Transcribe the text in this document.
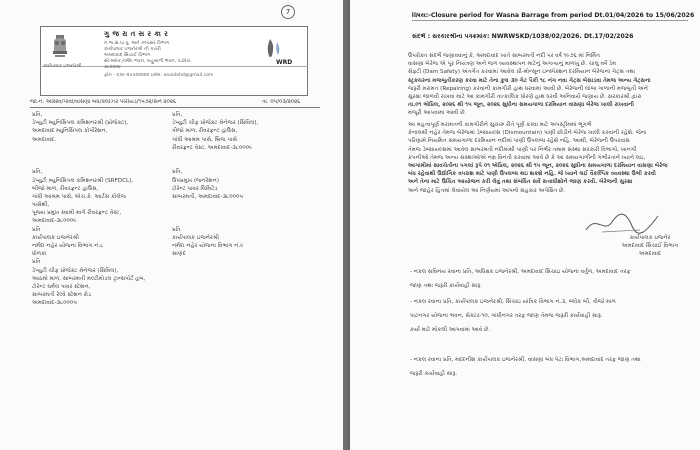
7
કાર્યપાલક ઇજનેરશ્રી
ગુ જ રા ત સ ર કા ર
ન.જ.સ.પા.પુ. અને કલ્પસર વિભાગ
કાર્યપાલક ઇજનેરશ્રી ની કચેરી
અમદાવાદ સિંચાઈ વિભાગ
સી-બ્લોક,નર્મદા ભવન, બહુમાળી ભવન, વડોદરા,
૩૮૦૦૦૪
ફોન - ૦૭૯-૨૫૫૦૦૦૦૦ ઇમેલ: eeaidahd@gmail.com
WRD
જા.નં. અસિવિ/પીવી/વાસણા બંધ/ક્લોઝર પીરીયડ/૧૫૭૨/સને ૨૦૨૬	તા. ૦૫/૦૩/૨૦૨૬
પ્રતિ,
ડેપ્યુટી મ્યુનિસિપલ કમિશનરશ્રી (પ્રોજેક્ટ),
અમદાવાદ મ્યુનિસિપલ કોર્પોરેશન,
અમદાવાદ.
પ્રતિ,
ડેપ્યુટી મ્યુનિસિપલ કમિશનરશ્રી (SRFDCL),
બીજો માળ, રીવરફ્રન્ટ હાઉસ,
ગાંધી આશ્રમ પાસે, એચ.કે. આર્ટસ કોલેજ
પાસેથી,
પૂજ્ય પ્રમુખ સ્વામી માર્ગ રીવરફ્રન્ટ વેસ્ટ,
અમદાવાદ-૩૮૦૦૦૯
પ્રતિ
કાર્યપાલક ઇજનેરશ્રી
નર્મદા નહેર યોજના વિભાગ નં.૮
ધોળકા
પ્રતિ
ડેપ્યુટી ચીફ પ્રોજેક્ટ મેનેજર (સિવિલ),
આઠમો માળ, સાબરમતી મલ્ટીમોડલ ટ્રાન્સપોર્ટ હબ,
ટોરેન્ટ ઘર્મલ પાવર સ્ટેશન,
સાબરમતી રેલ્વે સ્ટેશન રોડ
અમદાવાદ-૩૮૦૦૦૫
પ્રતિ,
ડેપ્યુટી ચીફ પ્રોજેક્ટ મેનેજર (સિવિલ),
ત્રીજો માળ, રીવરફ્રન્ટ હાઉસ,
ગાંધી આશ્રમ પાસે, બ્રિજ પાસે
રીવરફ્રન્ટ વેસ્ટ, અમદાવાદ-૩૮૦૦૦૯
પ્રતિ,
ઉપપ્રમુખ (જનરેશન)
ટોરેન્ટ પાવર લિમિટેડ
સાબરમતી, અમદાવાદ-૩૮૦૦૦૫
પ્રતિ
કાર્યપાલક ઇજનેરશ્રી
નર્મદા નહેર યોજના વિભાગ નં.૯
સાણંદ
વિષય:-Closure period for Wasna Barrage from period Dt.01/04/2026 to 15/06/2026
સંદર્ભ : સરકારશ્રીના પત્રક્રમાંક: NWRWSKD/1038/02/2026. Dt.17/02/2026
ઉપરોક્ત સંદર્ભે જણાવવાનું કે, અમદાવાદ ખાતે સાબરમતી નદી પર વર્ષ ૧૯૭૬ માં નિર્મિત
વાસણા બેરેજ એ પૂર નિયંત્રણ અને જળ વ્યવસ્થાપન માટેનું અગત્યનું માળખું છે. ચાલુ વર્ષે ડેમ
સેફ્ટી (Dam Safety) અંતર્ગત કરવામાં આવેલ પ્રી-મોન્સૂન ઇન્સ્પેક્શન દરમિયાન બેરેજના ગેટ્સ તથા
સ્ટ્રક્ચરના મજબુતીકરણ કરવા માટે તેના કુલ ૩૦ ગેટ પૈકી ૧૮ નંગ નવા ગેટ્સ બેસાડવા તેમજ અન્ય ગેટ્સના
જરૂરી મરામત (Repairing) કરવાની કામગીરી હાથ ધરવામાં આવી છે. બેરેજની લાંબા ગાળાની મજબુતી અને
સુરક્ષા જાળવી રાખવા માટે આ કામગીરી તાત્કાલિક ધોરણે હાથ ધરવી અનિવાર્ય જણાય છે. સરકારશ્રી દ્વારા
તા.૦૧ એપ્રિલ, ૨૦૨૬ થી ૧૫ જૂન, ૨૦૨૬ સુધીના સમયગાળા દરમિયાન વાસણા બેરેજ ખાલી રાખવાની
મંજૂરી આપવામાં આવી છે.
આ મહત્વપૂર્ણ મરામતની કામગીરીને સુચારુ રીતે પૂર્ણ કરવા માટે અપસ્ટ્રીમમાં ભૂગર્ભ
કેનાલથી નહેર તેમજ બેરેજમાં ડેબ્સાયલ્સ (Dismountain) પાણી છોડીને બેરેજ ખાલી કરવાની રહેશે. જેના
પરિણામે નિયમિત સમયગાળા દરમિયાન નદીમાં પાણી ઉપલબ્ધ રહેશે નહિ. આથી, બેરેજની ઉપરવાસ
તેમજ ડેબ્સાયલ્સમાં આવેલ સાબરમતી નદીમાંથી પાણી પર નિર્ભર તમામ સંસ્થા સરકારી વિભાગો, ખાનગી
કંપનીઓ તેમજ અન્ય સંસ્થાઓએ નમ્ર વિનંતી કરવામાં આવે છે કે આ સમયગાળીની ગંભીરતાને ધ્યાને લઇ,
આગામીમાં સાવચેતીના પગલાં રૂપે ૦૧ એપ્રિલ, ૨૦૨૬ થી ૧૫ જૂન, ૨૦૨૬ સુધીના સમયગાળા દરમિયાન વાસણા બેરેજ
બંધ રહેવાથી ઉદ્યોગિક વપરાશ માટે પાણી ઉપલબ્ધ થઇ શકશે નહિ. જે ધ્યાને લઈ વૈકલ્પિક વ્યવસ્થા ઉભી કરવી
અને તેના માટે ઉચિત આયોજન કરી લેવું તથા સંબંધિત સર્વે સત્તાધીશોને જાણ કરવી. બેરેજની સુરક્ષા
અને જાહેર હિતમાં લેવાયેલ આ નિર્ણયમાં આપનો સહકાર અપેક્ષિત છે.
કાર્યપાલક ઇજનેર
અમદાવાદ સિંચાઈ વિભાગ
અમદાવાદ
- નકલ સવિનય રવાના પ્રતિ, અધિક્ષક ઇજનેરશ્રી, અમદાવાદ સિંચાઇ યોજના વર્તુળ, અમદાવાદ તરફ
જાણ તથા જરૂરી કાર્યવાહી સારૂ.
- નકલ રવાના પ્રતિ, કાર્યપાલક ઇજનેરશ્રી, સિંચાઇ યાંત્રિક વિભાગ નં.૩, બ્લોક બી, ત્રીજો માળ
પાટનગર યોજના ભવન, સેક્ટર-૧૦, ગાંધીનગર તરફ જાણ તેમજ જરૂરી કાર્યવાહી સારૂ.
કર્યા માટે મોકલી આપવામાં આવે છે.
- નકલ રવાના પ્રતિ, મદદનીશ કાર્યપાલક ઇજનેરશ્રી, વાસણા બંધ પેટા વિભાગ,અમદાવાદ તરફ જાણ તથા
જરૂરી કાર્યવાહી સારૂ.
